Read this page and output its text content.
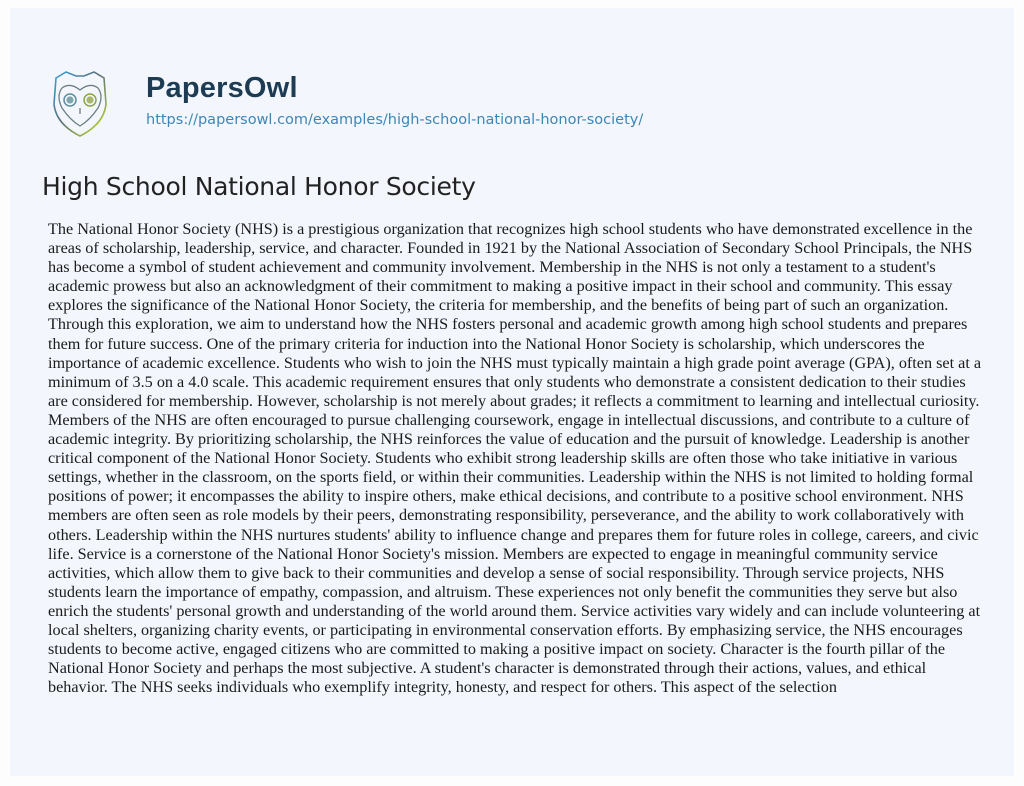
PapersOwl
https://papersowl.com/examples/high-school-national-honor-society/
High School National Honor Society

The National Honor Society (NHS) is a prestigious organization that recognizes high school students who have demonstrated excellence in the areas of scholarship, leadership, service, and character. Founded in 1921 by the National Association of Secondary School Principals, the NHS has become a symbol of student achievement and community involvement. Membership in the NHS is not only a testament to a student's academic prowess but also an acknowledgment of their commitment to making a positive impact in their school and community. This essay explores the significance of the National Honor Society, the criteria for membership, and the benefits of being part of such an organization. Through this exploration, we aim to understand how the NHS fosters personal and academic growth among high school students and prepares them for future success. One of the primary criteria for induction into the National Honor Society is scholarship, which underscores the importance of academic excellence. Students who wish to join the NHS must typically maintain a high grade point average (GPA), often set at a minimum of 3.5 on a 4.0 scale. This academic requirement ensures that only students who demonstrate a consistent dedication to their studies are considered for membership. However, scholarship is not merely about grades; it reflects a commitment to learning and intellectual curiosity. Members of the NHS are often encouraged to pursue challenging coursework, engage in intellectual discussions, and contribute to a culture of academic integrity. By prioritizing scholarship, the NHS reinforces the value of education and the pursuit of knowledge. Leadership is another critical component of the National Honor Society. Students who exhibit strong leadership skills are often those who take initiative in various settings, whether in the classroom, on the sports field, or within their communities. Leadership within the NHS is not limited to holding formal positions of power; it encompasses the ability to inspire others, make ethical decisions, and contribute to a positive school environment. NHS members are often seen as role models by their peers, demonstrating responsibility, perseverance, and the ability to work collaboratively with others. Leadership within the NHS nurtures students' ability to influence change and prepares them for future roles in college, careers, and civic life. Service is a cornerstone of the National Honor Society's mission. Members are expected to engage in meaningful community service activities, which allow them to give back to their communities and develop a sense of social responsibility. Through service projects, NHS students learn the importance of empathy, compassion, and altruism. These experiences not only benefit the communities they serve but also enrich the students' personal growth and understanding of the world around them. Service activities vary widely and can include volunteering at local shelters, organizing charity events, or participating in environmental conservation efforts. By emphasizing service, the NHS encourages students to become active, engaged citizens who are committed to making a positive impact on society. Character is the fourth pillar of the National Honor Society and perhaps the most subjective. A student's character is demonstrated through their actions, values, and ethical behavior. The NHS seeks individuals who exemplify integrity, honesty, and respect for others. This aspect of the selection
